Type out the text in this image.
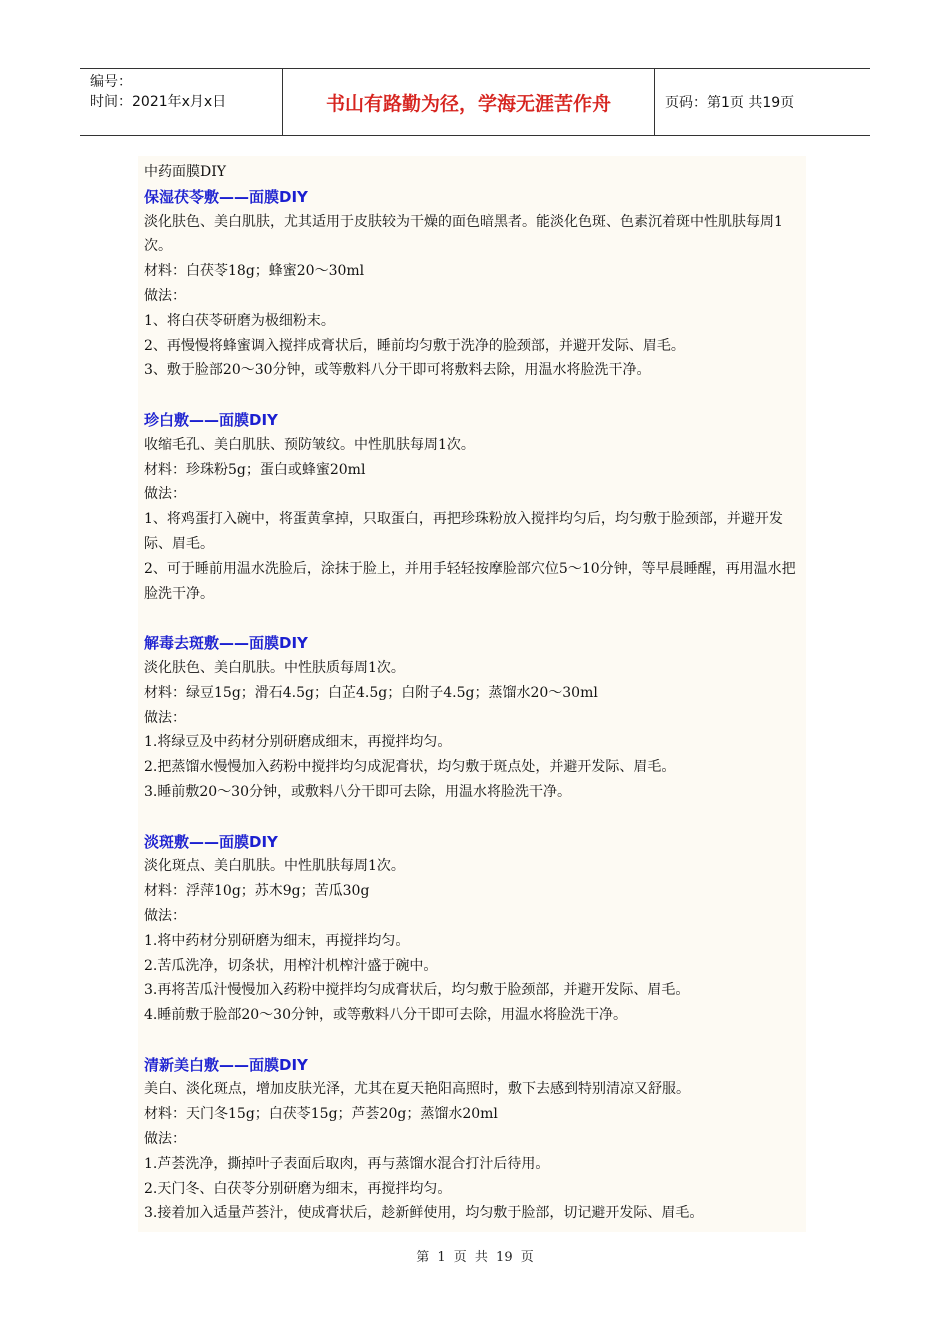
编号：
时间：2021年x月x日	书山有路勤为径，学海无涯苦作舟	页码：第1页 共19页

中药面膜DIY

保湿茯苓敷——面膜DIY

淡化肤色、美白肌肤，尤其适用于皮肤较为干燥的面色暗黑者。能淡化色斑、色素沉着斑中性肌肤每周1次。

材料：白茯苓18g；蜂蜜20～30ml

做法：

1、将白茯苓研磨为极细粉末。

2、再慢慢将蜂蜜调入搅拌成膏状后，睡前均匀敷于洗净的脸颈部，并避开发际、眉毛。

3、敷于脸部20～30分钟，或等敷料八分干即可将敷料去除，用温水将脸洗干净。

珍白敷——面膜DIY

收缩毛孔、美白肌肤、预防皱纹。中性肌肤每周1次。

材料：珍珠粉5g；蛋白或蜂蜜20ml

做法：

1、将鸡蛋打入碗中，将蛋黄拿掉，只取蛋白，再把珍珠粉放入搅拌均匀后，均匀敷于脸颈部，并避开发际、眉毛。

2、可于睡前用温水洗脸后，涂抹于脸上，并用手轻轻按摩脸部穴位5～10分钟，等早晨睡醒，再用温水把脸洗干净。

解毒去斑敷——面膜DIY

淡化肤色、美白肌肤。中性肤质每周1次。

材料：绿豆15g；滑石4.5g；白芷4.5g；白附子4.5g；蒸馏水20～30ml

做法：

1.将绿豆及中药材分别研磨成细末，再搅拌均匀。

2.把蒸馏水慢慢加入药粉中搅拌均匀成泥膏状，均匀敷于斑点处，并避开发际、眉毛。

3.睡前敷20～30分钟，或敷料八分干即可去除，用温水将脸洗干净。

淡斑敷——面膜DIY

淡化斑点、美白肌肤。中性肌肤每周1次。

材料：浮萍10g；苏木9g；苦瓜30g

做法：

1.将中药材分别研磨为细末，再搅拌均匀。

2.苦瓜洗净，切条状，用榨汁机榨汁盛于碗中。

3.再将苦瓜汁慢慢加入药粉中搅拌均匀成膏状后，均匀敷于脸颈部，并避开发际、眉毛。

4.睡前敷于脸部20～30分钟，或等敷料八分干即可去除，用温水将脸洗干净。

清新美白敷——面膜DIY

美白、淡化斑点，增加皮肤光泽，尤其在夏天艳阳高照时，敷下去感到特别清凉又舒服。

材料：天门冬15g；白茯苓15g；芦荟20g；蒸馏水20ml

做法：

1.芦荟洗净，撕掉叶子表面后取肉，再与蒸馏水混合打汁后待用。

2.天门冬、白茯苓分别研磨为细末，再搅拌均匀。

3.接着加入适量芦荟汁，使成膏状后，趁新鲜使用，均匀敷于脸部，切记避开发际、眉毛。

第 1 页 共 19 页
